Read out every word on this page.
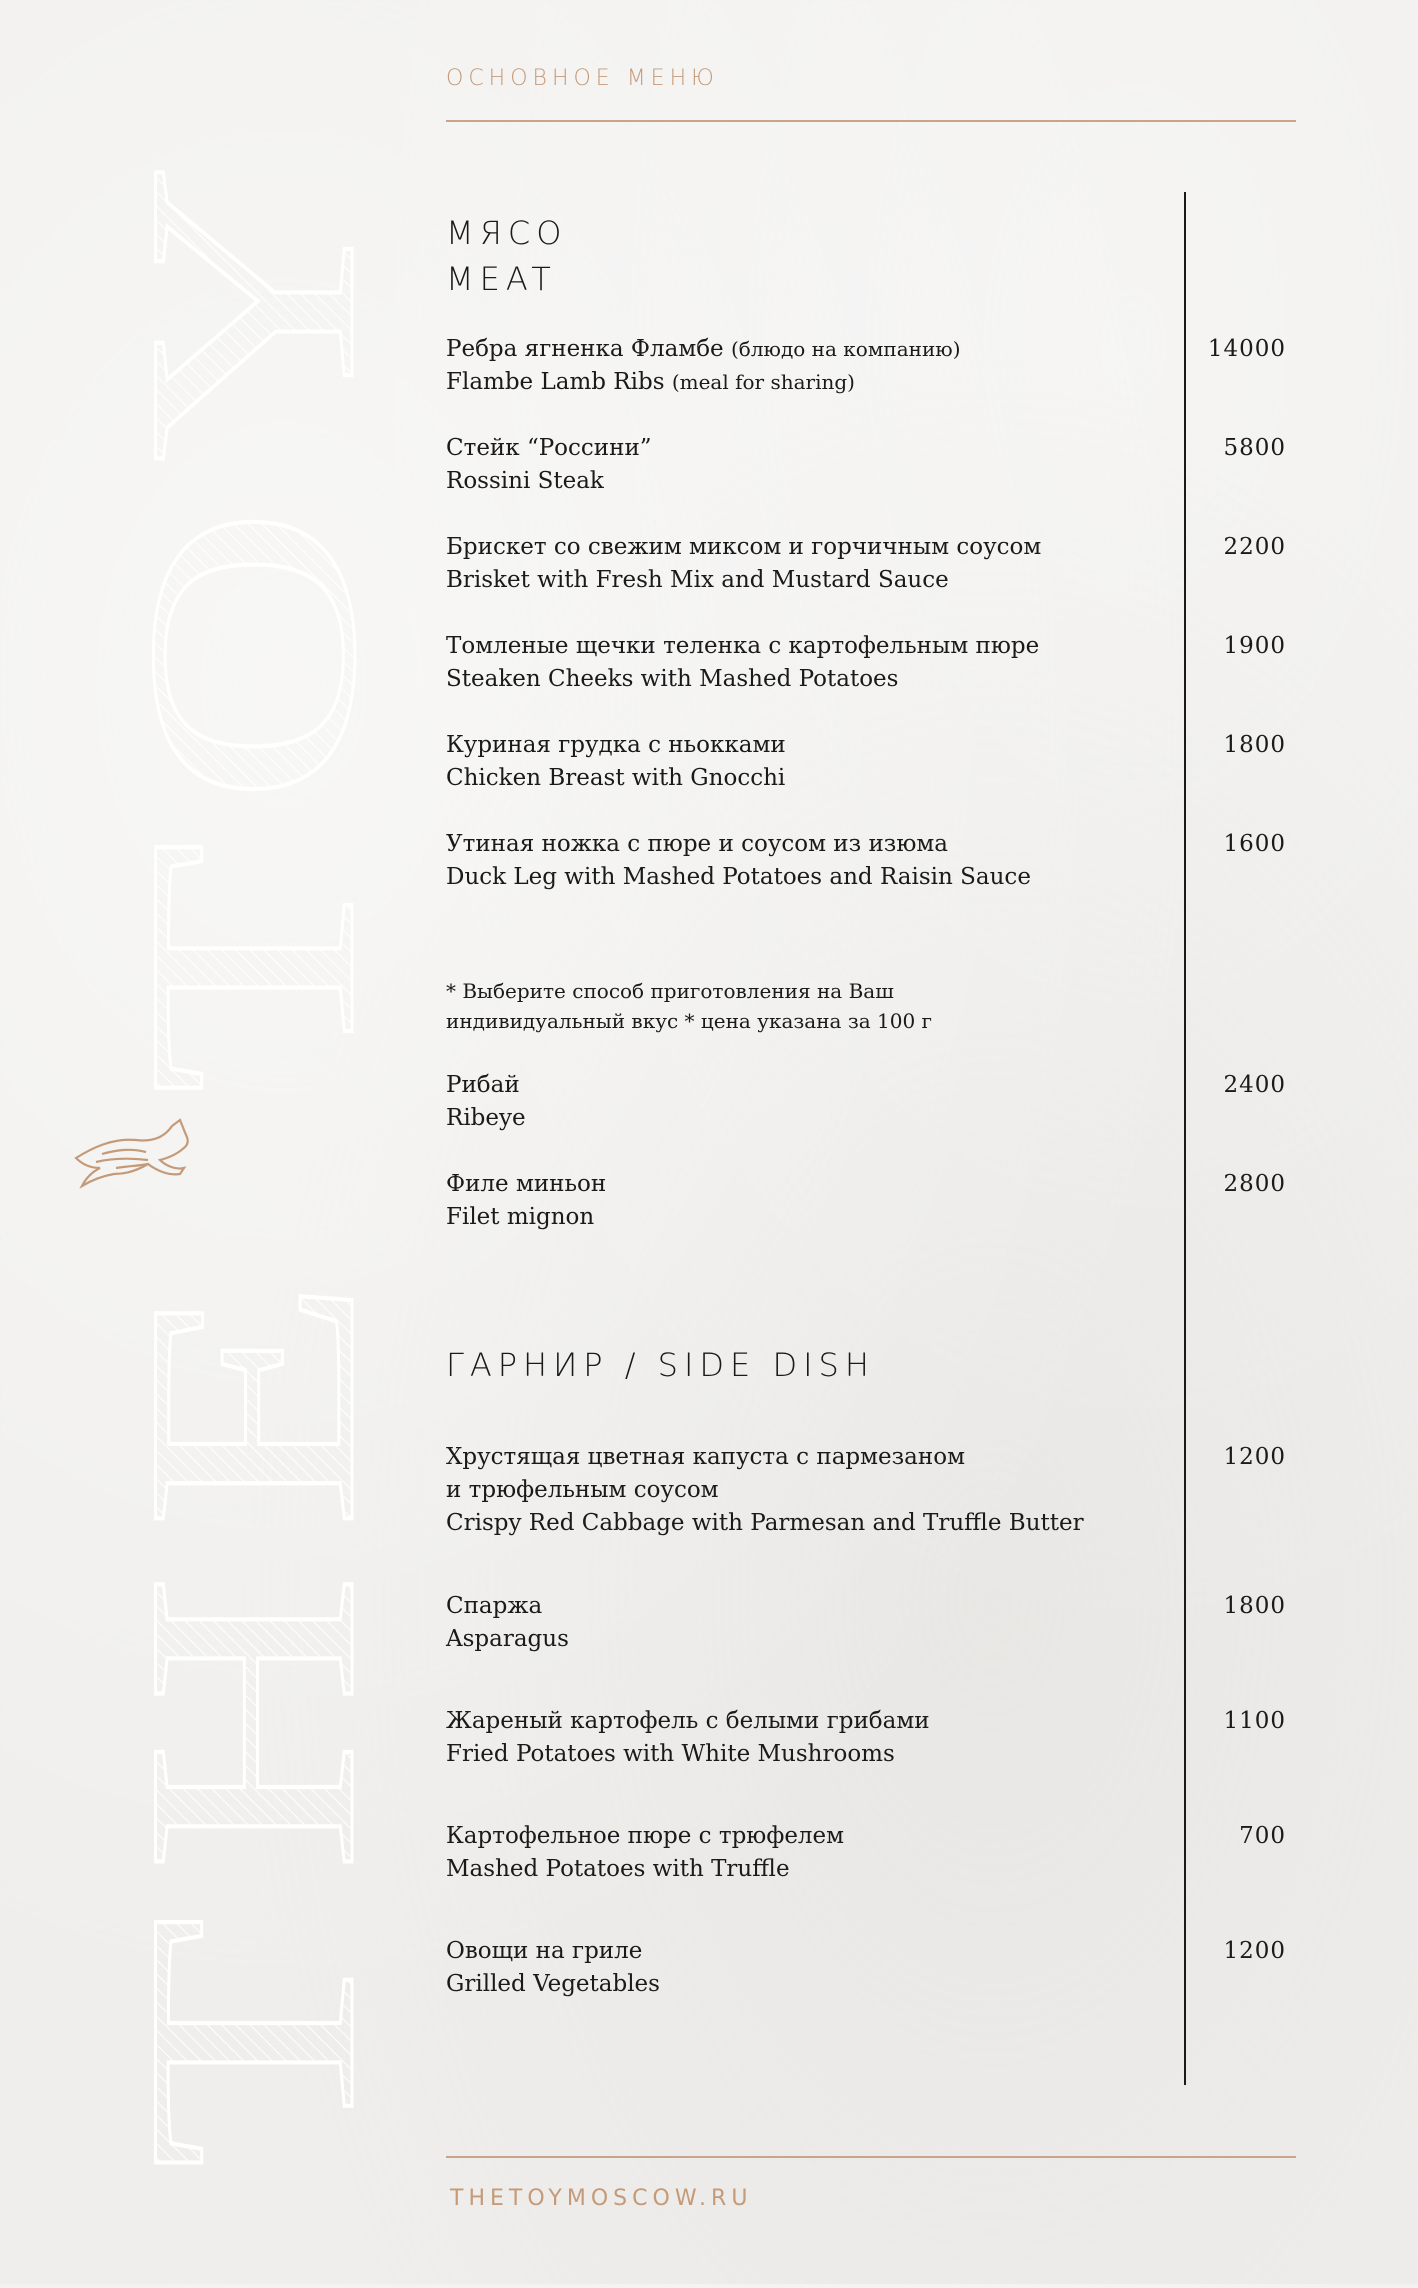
THE TOY
ОСНОВНОЕ МЕНЮ
МЯСО
MEAT
Ребра ягненка Фламбе (блюдо на компанию)
Flambe Lamb Ribs (meal for sharing)
14000
Стейк “Россини”
Rossini Steak
5800
Брискет со свежим миксом и горчичным соусом
Brisket with Fresh Mix and Mustard Sauce
2200
Томленые щечки теленка с картофельным пюре
Steaken Cheeks with Mashed Potatoes
1900
Куриная грудка с ньокками
Chicken Breast with Gnocchi
1800
Утиная ножка с пюре и соусом из изюма
Duck Leg with Mashed Potatoes and Raisin Sauce
1600
* Выберите способ приготовления на Ваш
индивидуальный вкус * цена указана за 100 г
Рибай
Ribeye
2400
Филе миньон
Filet mignon
2800
ГАРНИР / SIDE DISH
Хрустящая цветная капуста с пармезаном
и трюфельным соусом
Crispy Red Cabbage with Parmesan and Truffle Butter
1200
Спаржа
Asparagus
1800
Жареный картофель с белыми грибами
Fried Potatoes with White Mushrooms
1100
Картофельное пюре с трюфелем
Mashed Potatoes with Truffle
700
Овощи на гриле
Grilled Vegetables
1200
THETOYMOSCOW.RU
